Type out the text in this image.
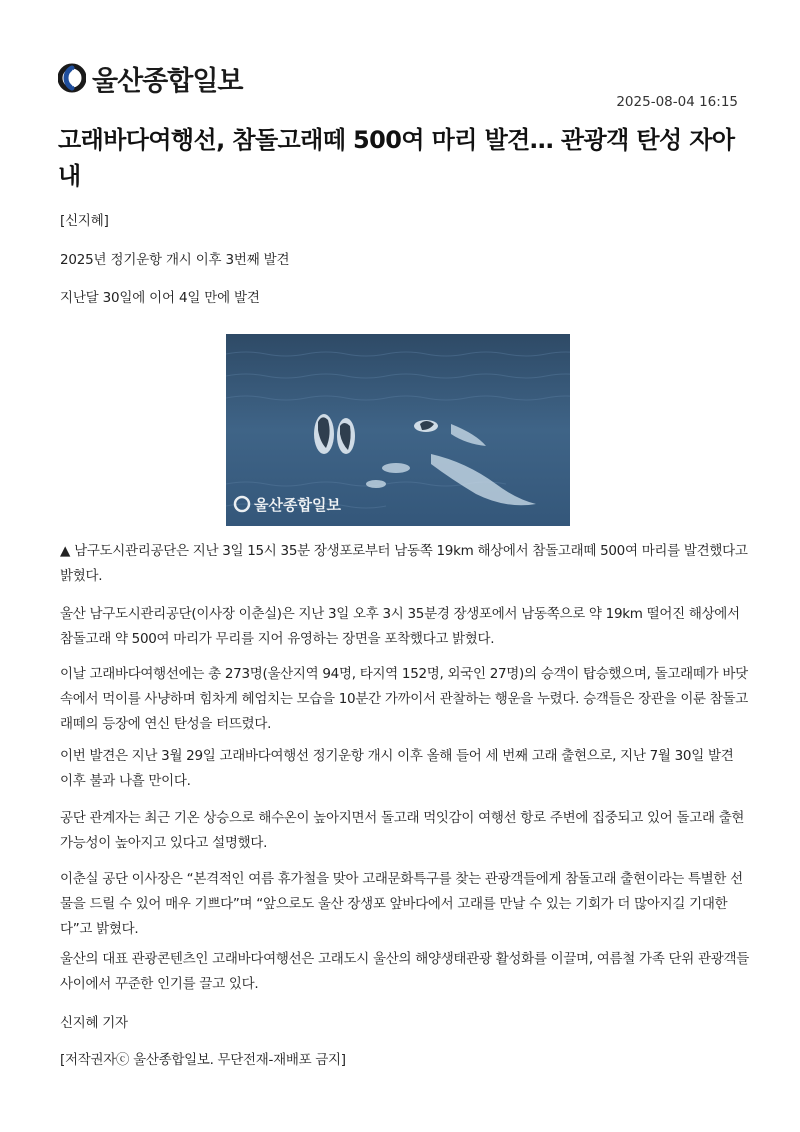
울산종합일보
2025-08-04 16:15
고래바다여행선, 참돌고래떼 500여 마리 발견… 관광객 탄성 자아내

[신지혜]

2025년 정기운항 개시 이후 3번째 발견

지난달 30일에 이어 4일 만에 발견

울산종합일보

▲ 남구도시관리공단은 지난 3일 15시 35분 장생포로부터 남동쪽 19km 해상에서 참돌고래떼 500여 마리를 발견했다고 밝혔다.

울산 남구도시관리공단(이사장 이춘실)은 지난 3일 오후 3시 35분경 장생포에서 남동쪽으로 약 19km 떨어진 해상에서 참돌고래 약 500여 마리가 무리를 지어 유영하는 장면을 포착했다고 밝혔다.

이날 고래바다여행선에는 총 273명(울산지역 94명, 타지역 152명, 외국인 27명)의 승객이 탑승했으며, 돌고래떼가 바닷속에서 먹이를 사냥하며 힘차게 헤엄치는 모습을 10분간 가까이서 관찰하는 행운을 누렸다. 승객들은 장관을 이룬 참돌고래떼의 등장에 연신 탄성을 터뜨렸다.

이번 발견은 지난 3월 29일 고래바다여행선 정기운항 개시 이후 올해 들어 세 번째 고래 출현으로, 지난 7월 30일 발견 이후 불과 나흘 만이다.

공단 관계자는 최근 기온 상승으로 해수온이 높아지면서 돌고래 먹잇감이 여행선 항로 주변에 집중되고 있어 돌고래 출현 가능성이 높아지고 있다고 설명했다.

이춘실 공단 이사장은 “본격적인 여름 휴가철을 맞아 고래문화특구를 찾는 관광객들에게 참돌고래 출현이라는 특별한 선물을 드릴 수 있어 매우 기쁘다”며 “앞으로도 울산 장생포 앞바다에서 고래를 만날 수 있는 기회가 더 많아지길 기대한다”고 밝혔다.

울산의 대표 관광콘텐츠인 고래바다여행선은 고래도시 울산의 해양생태관광 활성화를 이끌며, 여름철 가족 단위 관광객들 사이에서 꾸준한 인기를 끌고 있다.

신지혜 기자

[저작권자ⓒ 울산종합일보. 무단전재-재배포 금지]
